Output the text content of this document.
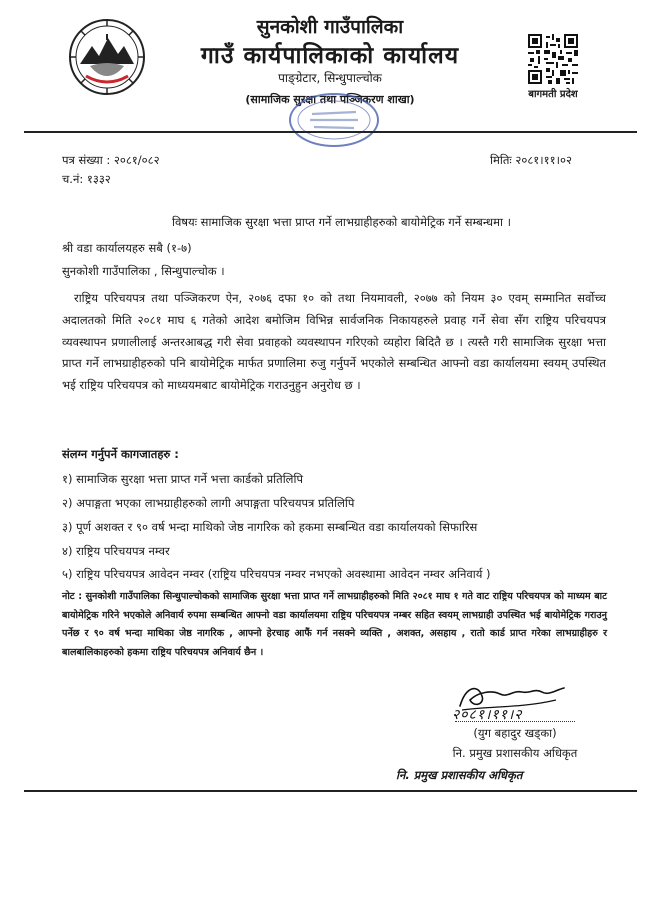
सुनकोशी गाउँपालिका
गाउँ कार्यपालिकाको कार्यालय
पाङ्ग्रेटार, सिन्धुपाल्चोक
(सामाजिक सुरक्षा तथा पञ्जिकरण शाखा)	बागमती प्रदेश
पत्र संख्या : २०८१/०८२
च.नं: १३३२
मितिः २०८१।११।०२
विषयः सामाजिक सुरक्षा भत्ता प्राप्त गर्ने लाभग्राहीहरुको बायोमेट्रिक गर्ने सम्बन्धमा ।
श्री वडा कार्यालयहरु सबै (१-७)
सुनकोशी गाउँपालिका , सिन्धुपाल्चोक ।
राष्ट्रिय परिचयपत्र तथा पञ्जिकरण ऐन, २०७६ दफा १० को तथा नियमावली, २०७७ को नियम ३० एवम् सम्मानित सर्वोच्च अदालतको मिति २०८१ माघ ६ गतेको आदेश बमोजिम विभिन्न सार्वजनिक निकायहरुले प्रवाह गर्ने सेवा सँग राष्ट्रिय परिचयपत्र व्यवस्थापन प्रणालीलाई अन्तरआबद्ध गरी सेवा प्रवाहको व्यवस्थापन गरिएको व्यहोरा बिदितै छ । त्यस्तै गरी सामाजिक सुरक्षा भत्ता प्राप्त गर्ने लाभग्राहीहरुको पनि बायोमेट्रिक मार्फत प्रणालिमा रुजु गर्नुपर्ने भएकोले सम्बन्धित आफ्नो वडा कार्यालयमा स्वयम् उपस्थित भई राष्ट्रिय परिचयपत्र को माध्ययमबाट बायोमेट्रिक गराउनुहुन अनुरोध छ ।
संलग्न गर्नुपर्ने कागजातहरु :
१) सामाजिक सुरक्षा भत्ता प्राप्त गर्ने भत्ता कार्डको प्रतिलिपि
२) अपाङ्गता भएका लाभग्राहीहरुको लागी अपाङ्गता परिचयपत्र प्रतिलिपि
३) पूर्ण अशक्त र ९० वर्ष भन्दा माथिको जेष्ठ नागरिक को हकमा सम्बन्धित वडा कार्यालयको सिफारिस
४) राष्ट्रिय परिचयपत्र नम्वर
५) राष्ट्रिय परिचयपत्र आवेदन नम्वर (राष्ट्रिय परिचयपत्र नम्वर नभएको अवस्थामा आवेदन नम्वर अनिवार्य )
नोट : सुनकोशी गाउँपालिका सिन्धुपाल्चोकको सामाजिक सुरक्षा भत्ता प्राप्त गर्ने लाभग्राहीहरुको मिति २०८१ माघ १ गते वाट राष्ट्रिय परिचयपत्र को माध्यम बाट बायोमेट्रिक गरिने भएकोले अनिवार्य रुपमा सम्बन्धित आफ्नो वडा कार्यालयमा राष्ट्रिय परिचयपत्र नम्बर सहित स्वयम् लाभग्राही उपस्थित भई बायोमेट्रिक गराउनु पर्नेछ र ९० वर्ष भन्दा माथिका जेष्ठ नागरिक , आफ्नो हेरचाह आफैं गर्न नसक्ने व्यक्ति , अशक्त, असहाय , रातो कार्ड प्राप्त गरेका लाभग्राहीहरु र बालबालिकाहरुको हकमा राष्ट्रिय परिचयपत्र अनिवार्य छैन ।
२०८१।११।२
(युग बहादुर खड्का)
नि. प्रमुख प्रशासकीय अधिकृत
नि. प्रमुख प्रशासकीय अधिकृत
